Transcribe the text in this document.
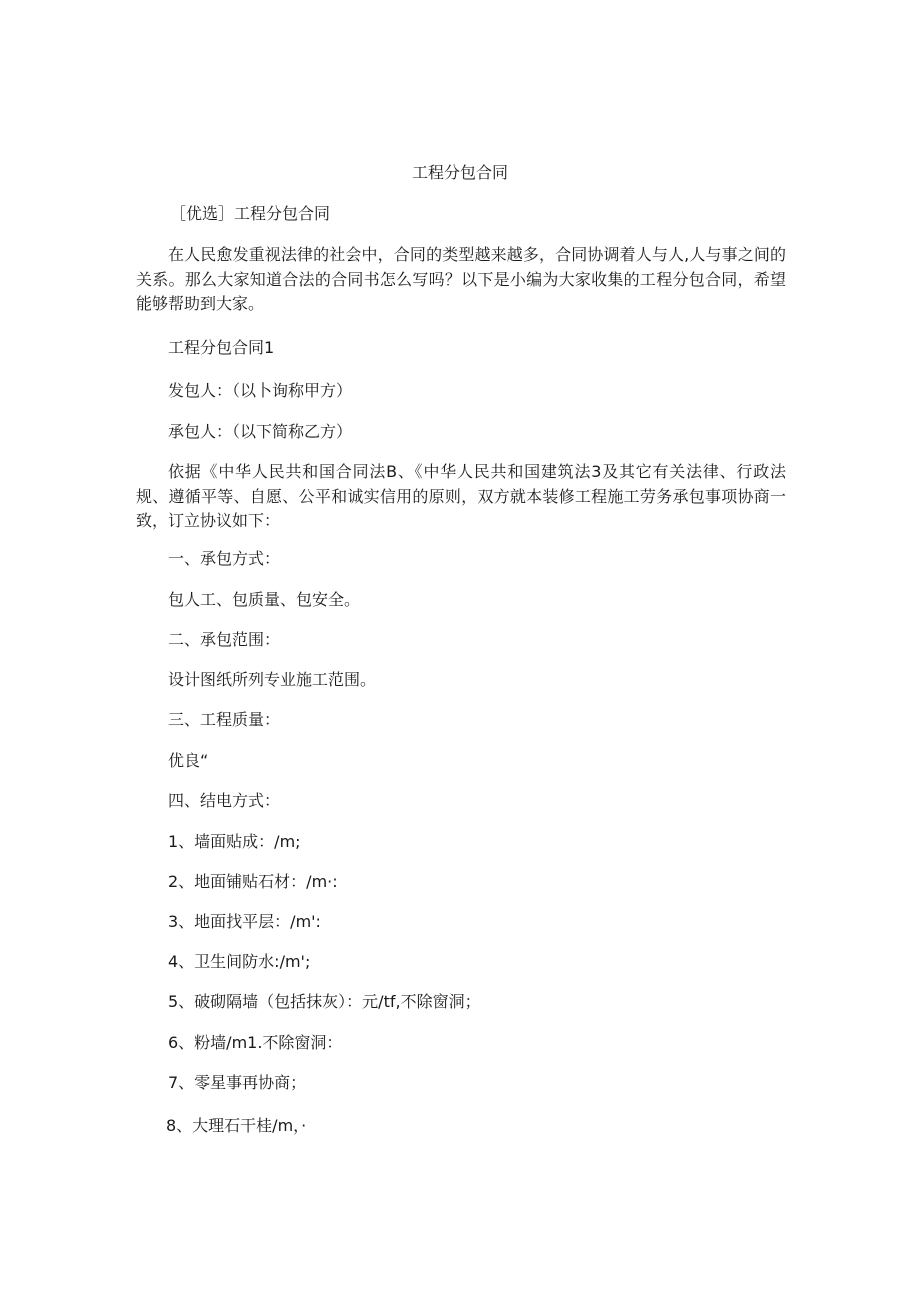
工程分包合同
［优选］工程分包合同
在人民愈发重视法律的社会中，合同的类型越来越多，合同协调着人与人,人与事之间的关系。那么大家知道合法的合同书怎么写吗？以下是小编为大家收集的工程分包合同，希望能够帮助到大家。
工程分包合同1
发包人：（以卜询称甲方）
承包人：（以下简称乙方）
依据《中华人民共和国合同法B、《中华人民共和国建筑法3及其它有关法律、行政法规、遵循平等、自愿、公平和诚实信用的原则，双方就本装修工程施工劳务承包事项协商一致，订立协议如下：
一、承包方式：
包人工、包质量、包安全。
二、承包范围：
设计图纸所列专业施工范围。
三、工程质量：
优良“
四、结电方式：
1、墙面贴成：/m;
2、地面铺贴石材：/m·:
3、地面找平层：/m':
4、卫生间防水:/m';
5、破砌隔墙（包括抹灰）：元/tf,不除窗洞；
6、粉墙/m1.不除窗洞：
7、零星事再协商；
8、大理石干桂/m，·
